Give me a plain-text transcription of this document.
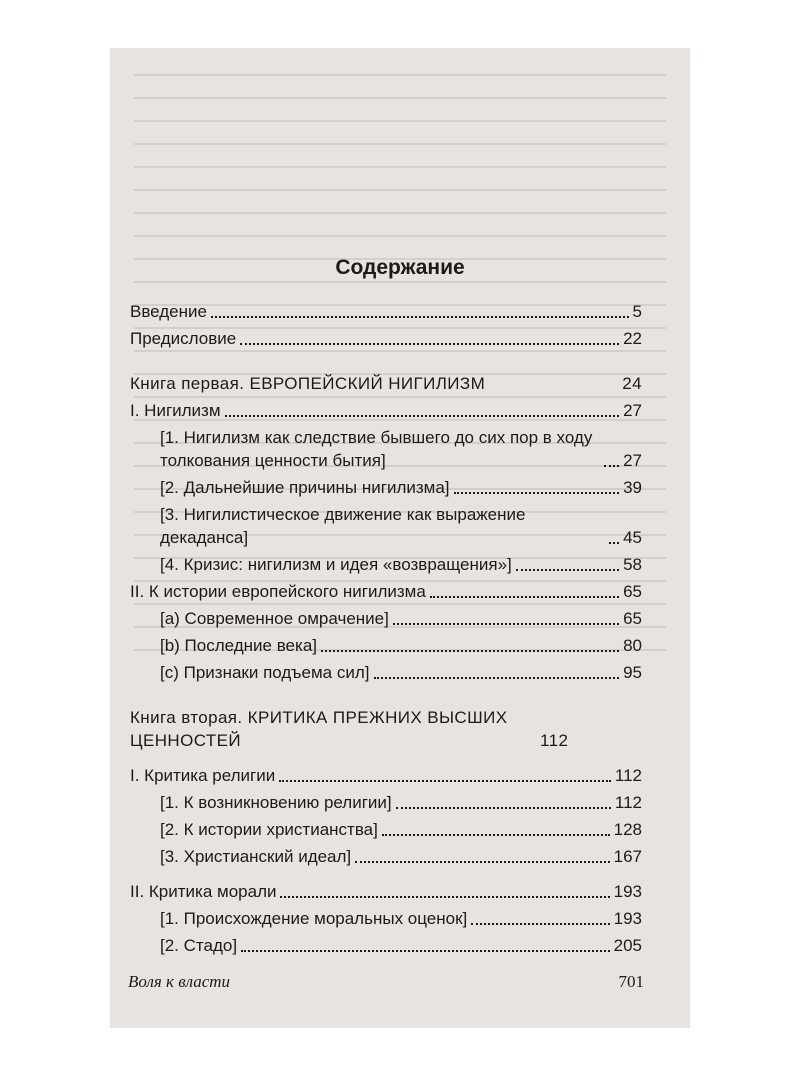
Содержание
Введение	5
Предисловие	22
Книга первая. ЕВРОПЕЙСКИЙ НИГИЛИЗМ	24
I. Нигилизм	27
[1. Нигилизм как следствие бывшего до сих пор в ходу толкования ценности бытия]	27
[2. Дальнейшие причины нигилизма]	39
[3. Нигилистическое движение как выражение декаданса]	45
[4. Кризис: нигилизм и идея «возвращения»]	58
II. К истории европейского нигилизма	65
[a) Современное омрачение]	65
[b) Последние века]	80
[c) Признаки подъема сил]	95
Книга вторая. КРИТИКА ПРЕЖНИХ ВЫСШИХ ЦЕННОСТЕЙ	112
I. Критика религии	112
[1. К возникновению религии]	112
[2. К истории христианства]	128
[3. Христианский идеал]	167
II. Критика морали	193
[1. Происхождение моральных оценок]	193
[2. Стадо]	205
Воля к власти	701
